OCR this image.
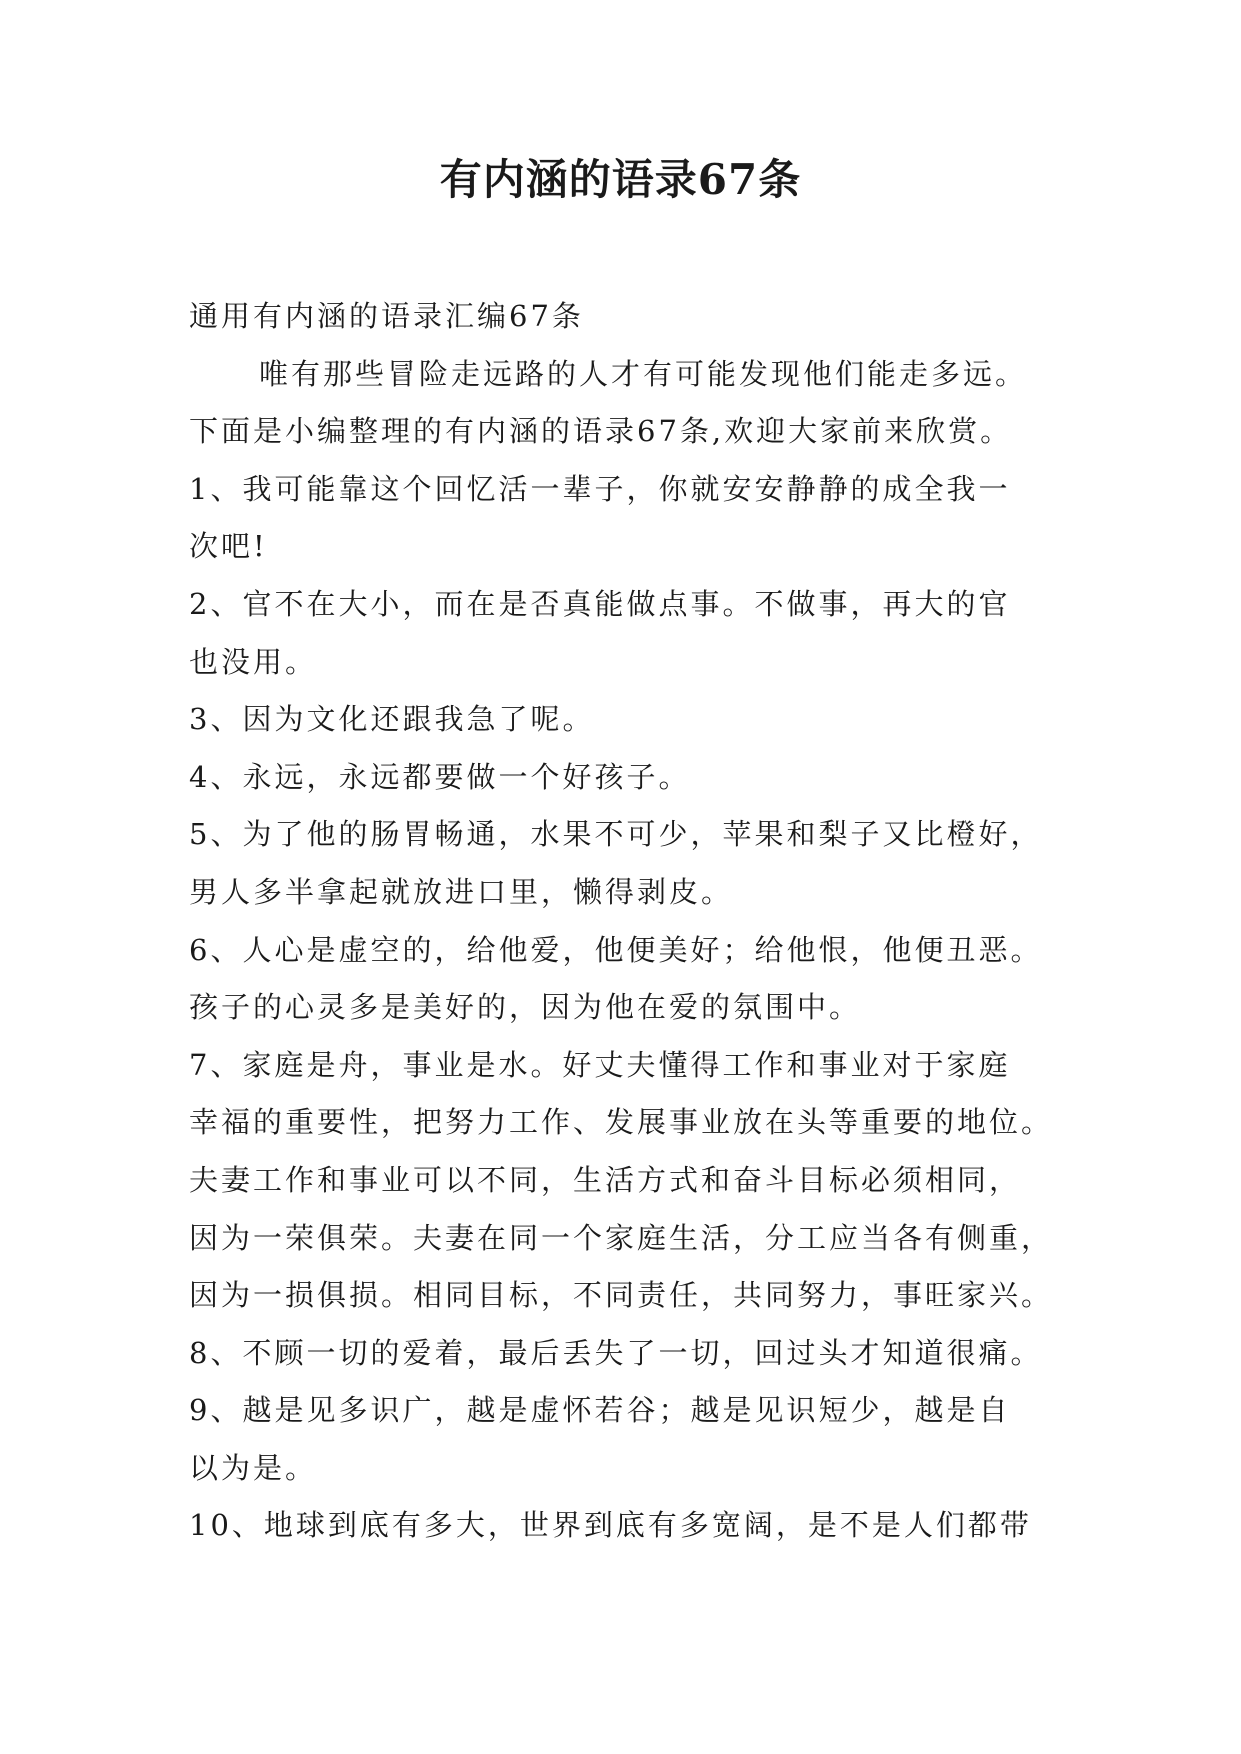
有内涵的语录67条
通用有内涵的语录汇编67条
唯有那些冒险走远路的人才有可能发现他们能走多远。
下面是小编整理的有内涵的语录67条,欢迎大家前来欣赏。
1、我可能靠这个回忆活一辈子，你就安安静静的成全我一
次吧!
2、官不在大小，而在是否真能做点事。不做事，再大的官
也没用。
3、因为文化还跟我急了呢。
4、永远，永远都要做一个好孩子。
5、为了他的肠胃畅通，水果不可少，苹果和梨子又比橙好，
男人多半拿起就放进口里，懒得剥皮。
6、人心是虚空的，给他爱，他便美好；给他恨，他便丑恶。
孩子的心灵多是美好的，因为他在爱的氛围中。
7、家庭是舟，事业是水。好丈夫懂得工作和事业对于家庭
幸福的重要性，把努力工作、发展事业放在头等重要的地位。
夫妻工作和事业可以不同，生活方式和奋斗目标必须相同，
因为一荣俱荣。夫妻在同一个家庭生活，分工应当各有侧重，
因为一损俱损。相同目标，不同责任，共同努力，事旺家兴。
8、不顾一切的爱着，最后丢失了一切，回过头才知道很痛。
9、越是见多识广，越是虚怀若谷；越是见识短少，越是自
以为是。
10、地球到底有多大，世界到底有多宽阔，是不是人们都带
